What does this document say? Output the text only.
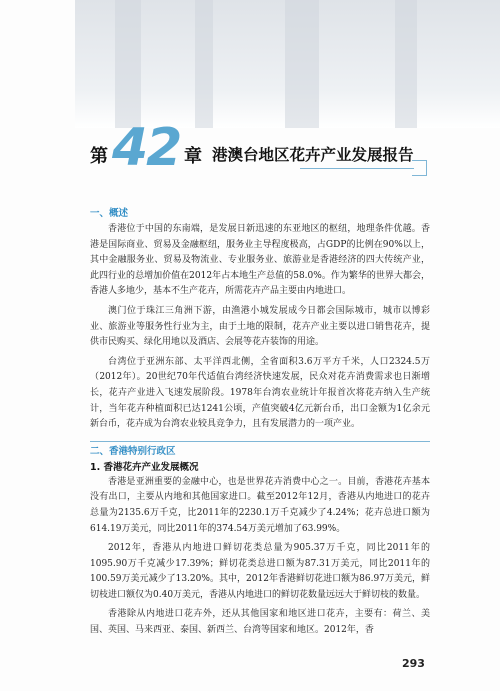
第 42 章 港澳台地区花卉产业发展报告
一、概述

香港位于中国的东南端，是发展日新迅速的东亚地区的枢纽，地理条件优越。香港是国际商业、贸易及金融枢纽，服务业主导程度极高，占GDP的比例在90%以上，其中金融服务业、贸易及物流业、专业服务业、旅游业是香港经济的四大传统产业，此四行业的总增加价值在2012年占本地生产总值的58.0%。作为繁华的世界大都会，香港人多地少，基本不生产花卉，所需花卉产品主要由内地进口。

澳门位于珠江三角洲下游，由渔港小城发展成今日都会国际城市，城市以博彩业、旅游业等服务性行业为主，由于土地的限制，花卉产业主要以进口销售花卉，提供市民购买、绿化用地以及酒店、会展等花卉装饰的用途。

台湾位于亚洲东部、太平洋西北侧，全省面积3.6万平方千米，人口2324.5万（2012年）。20世纪70年代适值台湾经济快速发展，民众对花卉消费需求也日渐增长，花卉产业进入飞速发展阶段。1978年台湾农业统计年报首次将花卉纳入生产统计，当年花卉种植面积已达1241公顷，产值突破4亿元新台币，出口金额为1亿余元新台币，花卉成为台湾农业较具竞争力，且有发展潜力的一项产业。

二、香港特别行政区
1. 香港花卉产业发展概况

香港是亚洲重要的金融中心，也是世界花卉消费中心之一。目前，香港花卉基本没有出口，主要从内地和其他国家进口。截至2012年12月，香港从内地进口的花卉总量为2135.6万千克，比2011年的2230.1万千克减少了4.24%；花卉总进口额为614.19万美元，同比2011年的374.54万美元增加了63.99%。

2012年，香港从内地进口鲜切花类总量为905.37万千克，同比2011年的1095.90万千克减少17.39%；鲜切花类总进口额为87.31万美元，同比2011年的100.59万美元减少了13.20%。其中，2012年香港鲜切花进口额为86.97万美元，鲜切枝进口额仅为0.40万美元，香港从内地进口的鲜切花数量远远大于鲜切枝的数量。

香港除从内地进口花卉外，还从其他国家和地区进口花卉，主要有：荷兰、美国、英国、马来西亚、泰国、新西兰、台湾等国家和地区。2012年，香

293
